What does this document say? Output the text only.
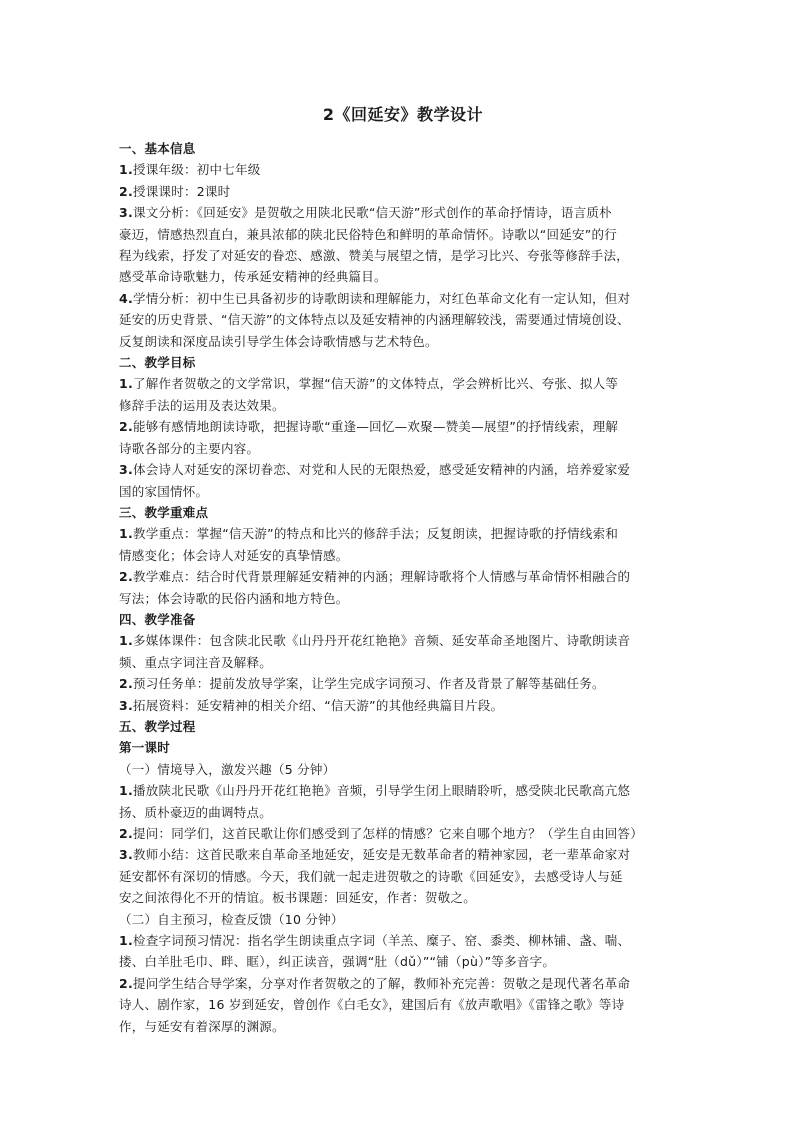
2《回延安》教学设计

一、基本信息

1.授课年级：初中七年级

2.授课课时：2课时

3.课文分析：《回延安》是贺敬之用陕北民歌“信天游”形式创作的革命抒情诗，语言质朴

豪迈，情感热烈直白，兼具浓郁的陕北民俗特色和鲜明的革命情怀。诗歌以“回延安”的行

程为线索，抒发了对延安的眷恋、感激、赞美与展望之情，是学习比兴、夸张等修辞手法，

感受革命诗歌魅力，传承延安精神的经典篇目。

4.学情分析：初中生已具备初步的诗歌朗读和理解能力，对红色革命文化有一定认知，但对

延安的历史背景、“信天游”的文体特点以及延安精神的内涵理解较浅，需要通过情境创设、

反复朗读和深度品读引导学生体会诗歌情感与艺术特色。

二、教学目标

1.了解作者贺敬之的文学常识，掌握“信天游”的文体特点，学会辨析比兴、夸张、拟人等

修辞手法的运用及表达效果。

2.能够有感情地朗读诗歌，把握诗歌“重逢—回忆—欢聚—赞美—展望”的抒情线索，理解

诗歌各部分的主要内容。

3.体会诗人对延安的深切眷恋、对党和人民的无限热爱，感受延安精神的内涵，培养爱家爱

国的家国情怀。

三、教学重难点

1.教学重点：掌握“信天游”的特点和比兴的修辞手法；反复朗读，把握诗歌的抒情线索和

情感变化；体会诗人对延安的真挚情感。

2.教学难点：结合时代背景理解延安精神的内涵；理解诗歌将个人情感与革命情怀相融合的

写法；体会诗歌的民俗内涵和地方特色。

四、教学准备

1.多媒体课件：包含陕北民歌《山丹丹开花红艳艳》音频、延安革命圣地图片、诗歌朗读音

频、重点字词注音及解释。

2.预习任务单：提前发放导学案，让学生完成字词预习、作者及背景了解等基础任务。

3.拓展资料：延安精神的相关介绍、“信天游”的其他经典篇目片段。

五、教学过程

第一课时

（一）情境导入，激发兴趣（5 分钟）

1.播放陕北民歌《山丹丹开花红艳艳》音频，引导学生闭上眼睛聆听，感受陕北民歌高亢悠

扬、质朴豪迈的曲调特点。

2.提问：同学们，这首民歌让你们感受到了怎样的情感？它来自哪个地方？（学生自由回答）

3.教师小结：这首民歌来自革命圣地延安，延安是无数革命者的精神家园，老一辈革命家对

延安都怀有深切的情感。今天，我们就一起走进贺敬之的诗歌《回延安》，去感受诗人与延

安之间浓得化不开的情谊。板书课题：回延安，作者：贺敬之。

（二）自主预习，检查反馈（10 分钟）

1.检查字词预习情况：指名学生朗读重点字词（羊羔、糜子、窑、黍类、柳林铺、盏、喘、

搂、白羊肚毛巾、畔、眶），纠正读音，强调“肚（dǔ）”“铺（pù）”等多音字。

2.提问学生结合导学案，分享对作者贺敬之的了解，教师补充完善：贺敬之是现代著名革命

诗人、剧作家，16 岁到延安，曾创作《白毛女》，建国后有《放声歌唱》《雷锋之歌》等诗

作，与延安有着深厚的渊源。
